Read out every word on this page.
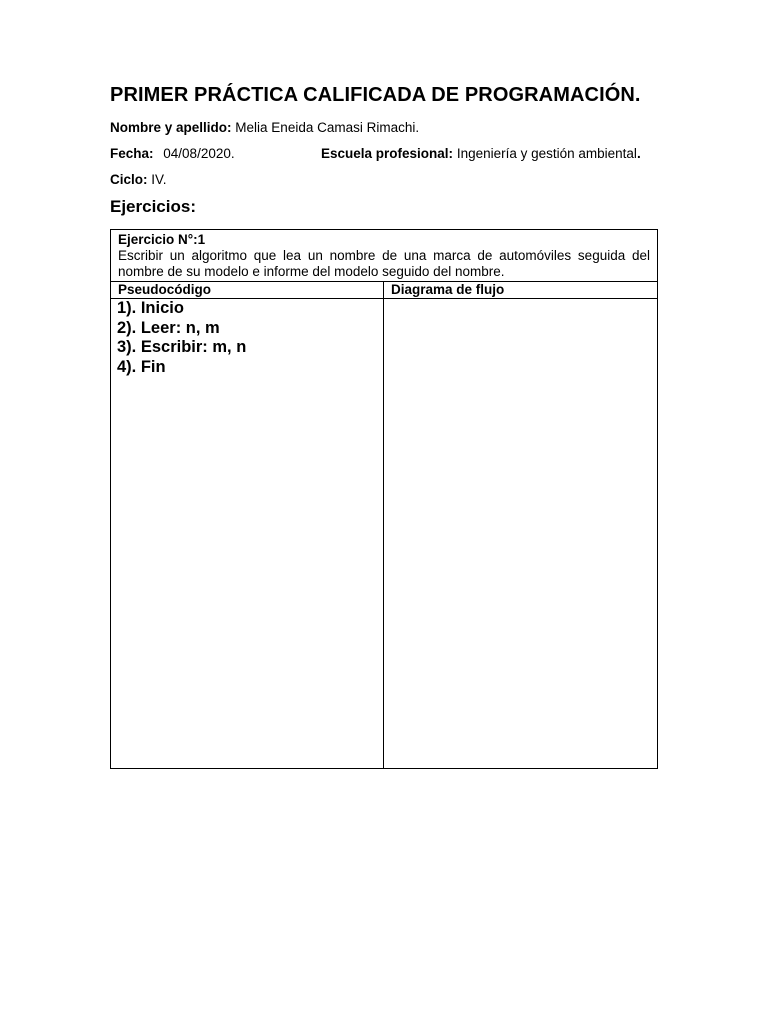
PRIMER PRÁCTICA CALIFICADA DE PROGRAMACIÓN.
Nombre y apellido: Melia Eneida Camasi Rimachi.
Fecha: 04/08/2020.	Escuela profesional: Ingeniería y gestión ambiental.
Ciclo: IV.
Ejercicios:
Ejercicio N°:1
Escribir un algoritmo que lea un nombre de una marca de automóviles seguida del nombre de su modelo e informe del modelo seguido del nombre.
Pseudocódigo
1). Inicio
2). Leer: n, m
3). Escribir: m, n
4). Fin
Diagrama de flujo
